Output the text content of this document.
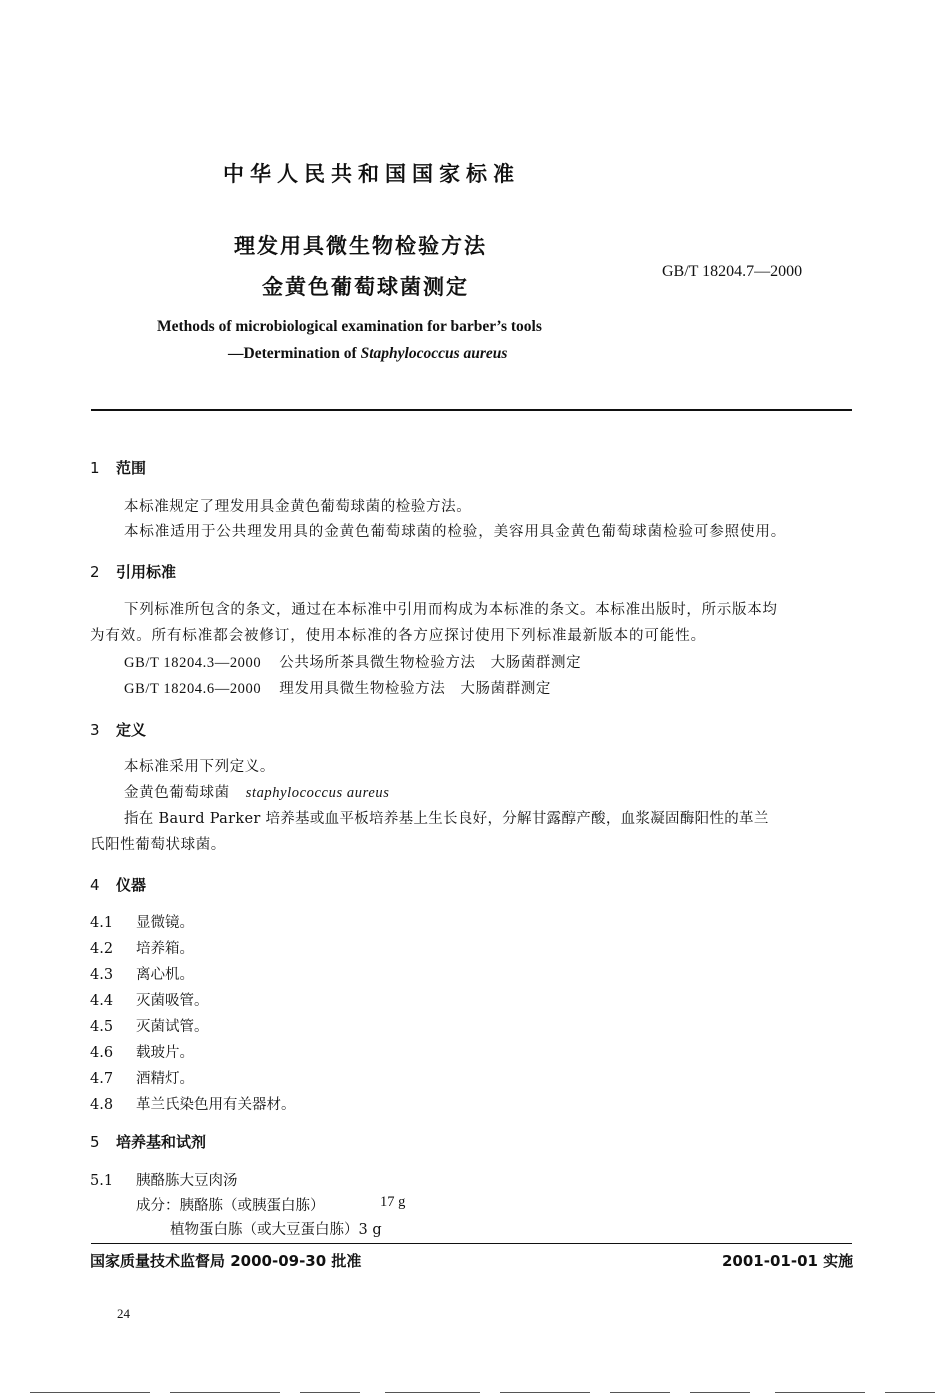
中华人民共和国国家标准
理发用具微生物检验方法
金黄色葡萄球菌测定
GB/T 18204.7—2000
Methods of microbiological examination for barber’s tools
—Determination of Staphylococcus aureus
1 范围
本标准规定了理发用具金黄色葡萄球菌的检验方法。
本标准适用于公共理发用具的金黄色葡萄球菌的检验，美容用具金黄色葡萄球菌检验可参照使用。
2 引用标准
下列标准所包含的条文，通过在本标准中引用而构成为本标准的条文。本标准出版时，所示版本均
为有效。所有标准都会被修订，使用本标准的各方应探讨使用下列标准最新版本的可能性。
GB/T 18204.3—2000 公共场所茶具微生物检验方法　大肠菌群测定
GB/T 18204.6—2000 理发用具微生物检验方法　大肠菌群测定
3 定义
本标准采用下列定义。
金黄色葡萄球菌 staphylococcus aureus
指在 Baurd Parker 培养基或血平板培养基上生长良好，分解甘露醇产酸，血浆凝固酶阳性的革兰
氏阳性葡萄状球菌。
4 仪器
4.1 显微镜。
4.2 培养箱。
4.3 离心机。
4.4 灭菌吸管。
4.5 灭菌试管。
4.6 载玻片。
4.7 酒精灯。
4.8 革兰氏染色用有关器材。
5 培养基和试剂
5.1 胰酪胨大豆肉汤
成分：胰酪胨（或胰蛋白胨）	17 g
植物蛋白胨（或大豆蛋白胨）3 g
国家质量技术监督局 2000-09-30 批准	2001-01-01 实施
24
